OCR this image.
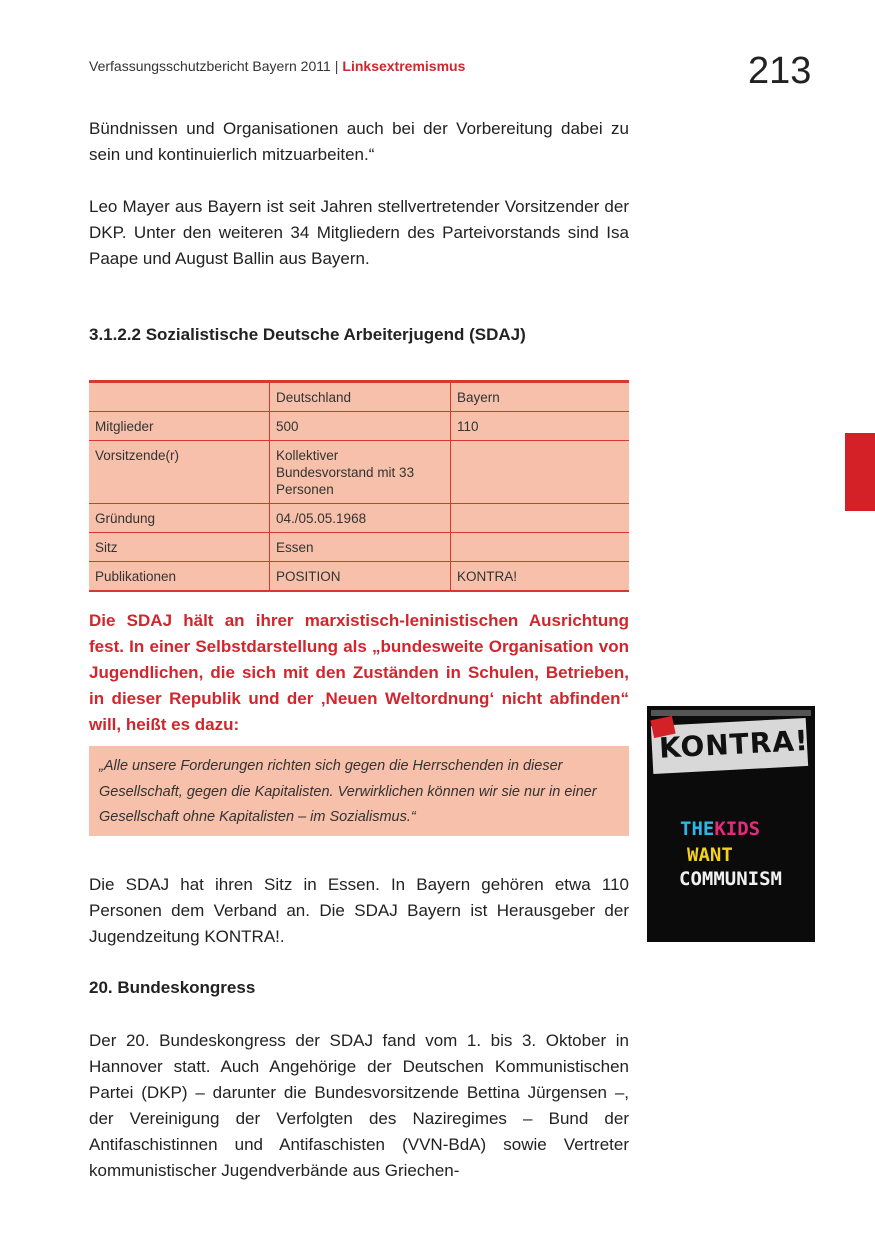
Verfassungsschutzbericht Bayern 2011 | Linksextremismus	213

Bündnissen und Organisationen auch bei der Vorbereitung dabei zu sein und kontinuierlich mitzuarbeiten.“

Leo Mayer aus Bayern ist seit Jahren stellvertretender Vorsitzender der DKP. Unter den weiteren 34 Mitgliedern des Parteivorstands sind Isa Paape und August Ballin aus Bayern.

3.1.2.2 Sozialistische Deutsche Arbeiterjugend (SDAJ)
	Deutschland	Bayern
Mitglieder	500	110
Vorsitzende(r)	Kollektiver Bundesvorstand mit 33 Personen	
Gründung	04./05.05.1968	
Sitz	Essen	
Publikationen	POSITION	KONTRA!

Die SDAJ hält an ihrer marxistisch-leninistischen Ausrichtung fest. In einer Selbstdarstellung als „bundesweite Organisation von Jugendlichen, die sich mit den Zuständen in Schulen, Betrieben, in dieser Republik und der ‚Neuen Weltordnung‘ nicht abfinden“ will, heißt es dazu:

„Alle unsere Forderungen richten sich gegen die Herrschenden in dieser Gesellschaft, gegen die Kapitalisten. Verwirklichen können wir sie nur in einer Gesellschaft ohne Kapitalisten – im Sozialismus.“

Die SDAJ hat ihren Sitz in Essen. In Bayern gehören etwa 110 Personen dem Verband an. Die SDAJ Bayern ist Herausgeber der Jugendzeitung KONTRA!.

20. Bundeskongress

Der 20. Bundeskongress der SDAJ fand vom 1. bis 3. Oktober in Hannover statt. Auch Angehörige der Deutschen Kommunistischen Partei (DKP) – darunter die Bundesvorsitzende Bettina Jürgensen –, der Vereinigung der Verfolgten des Naziregimes – Bund der Antifaschistinnen und Antifaschisten (VVN-BdA) sowie Vertreter kommunistischer Jugendverbände aus Griechen-

KONTRA!
THEKIDS
WANT
COMMUNISM
